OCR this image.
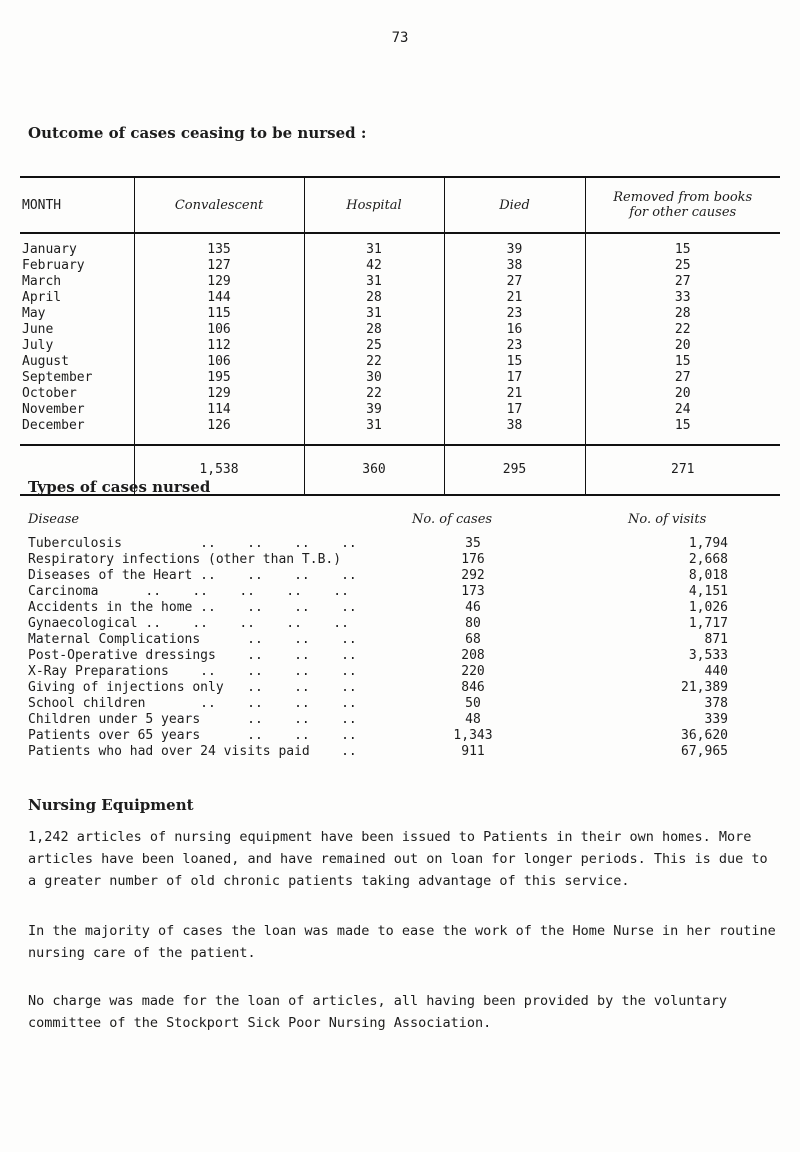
73
Outcome of cases ceasing to be nursed :
MONTH	Convalescent	Hospital	Died	Removed from books
for other causes

January	135	31	39	15
February	127	42	38	25
March	129	31	27	27
April	144	28	21	33
May	115	31	23	28
June	106	28	16	22
July	112	25	23	20
August	106	22	15	15
September	195	30	17	27
October	129	22	21	20
November	114	39	17	24
December	126	31	38	15
	1,538	360	295	271
Types of cases nursed
Disease	No. of cases	No. of visits
Tuberculosis          ..    ..    ..    ..	35	1,794
Respiratory infections (other than T.B.)	176	2,668
Diseases of the Heart ..    ..    ..    ..	292	8,018
Carcinoma      ..    ..    ..    ..    ..	173	4,151
Accidents in the home ..    ..    ..    ..	46	1,026
Gynaecological ..    ..    ..    ..    ..	80	1,717
Maternal Complications      ..    ..    ..	68	871
Post-Operative dressings    ..    ..    ..	208	3,533
X-Ray Preparations    ..    ..    ..    ..	220	440
Giving of injections only   ..    ..    ..	846	21,389
School children       ..    ..    ..    ..	50	378
Children under 5 years      ..    ..    ..	48	339
Patients over 65 years      ..    ..    ..	1,343	36,620
Patients who had over 24 visits paid    ..	911	67,965
Nursing Equipment
1,242 articles of nursing equipment have been issued to Patients in their own homes. More articles have been loaned, and have remained out on loan for longer periods. This is due to a greater number of old chronic patients taking advantage of this service.
In the majority of cases the loan was made to ease the work of the Home Nurse in her routine nursing care of the patient.
No charge was made for the loan of articles, all having been provided by the voluntary committee of the Stockport Sick Poor Nursing Association.
